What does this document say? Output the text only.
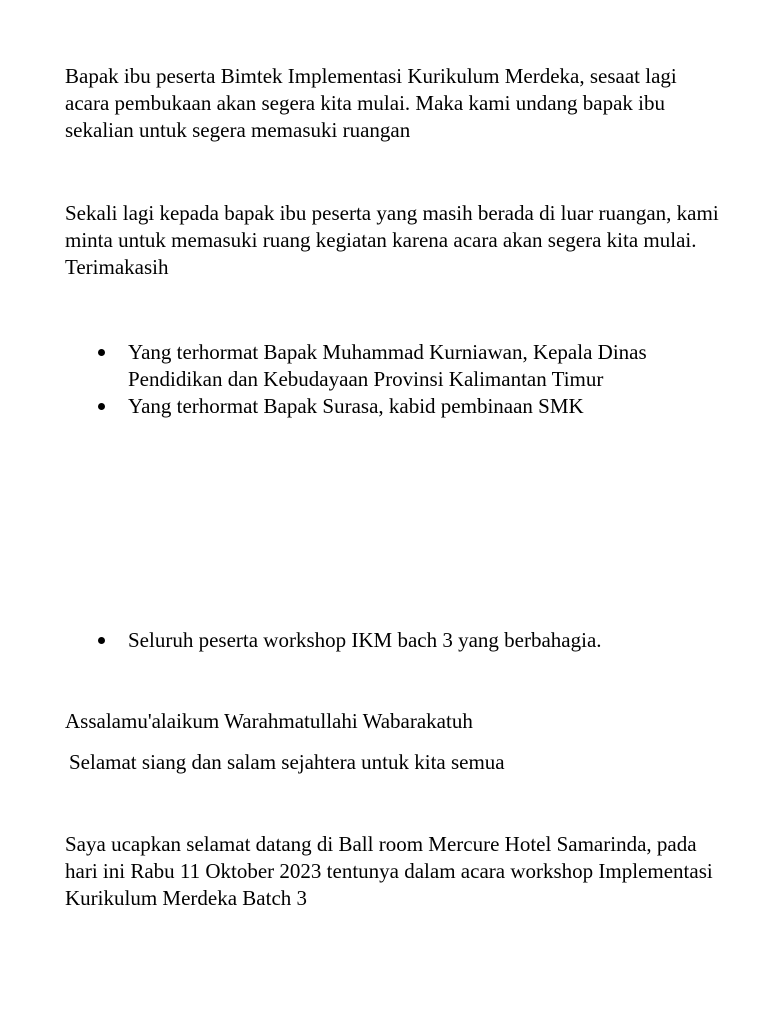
Bapak ibu peserta Bimtek Implementasi Kurikulum Merdeka, sesaat lagi acara pembukaan akan segera kita mulai. Maka kami undang bapak ibu sekalian untuk segera memasuki ruangan

Sekali lagi kepada bapak ibu peserta yang masih berada di luar ruangan, kami minta untuk memasuki ruang kegiatan karena acara akan segera kita mulai. Terimakasih

Yang terhormat Bapak Muhammad Kurniawan, Kepala Dinas Pendidikan dan Kebudayaan Provinsi Kalimantan Timur
Yang terhormat Bapak Surasa, kabid pembinaan SMK
Seluruh peserta workshop IKM bach 3 yang berbahagia.

Assalamu'alaikum Warahmatullahi Wabarakatuh

Selamat siang dan salam sejahtera untuk kita semua

Saya ucapkan selamat datang di Ball room Mercure Hotel Samarinda, pada hari ini Rabu 11 Oktober 2023 tentunya dalam acara workshop Implementasi Kurikulum Merdeka Batch 3
